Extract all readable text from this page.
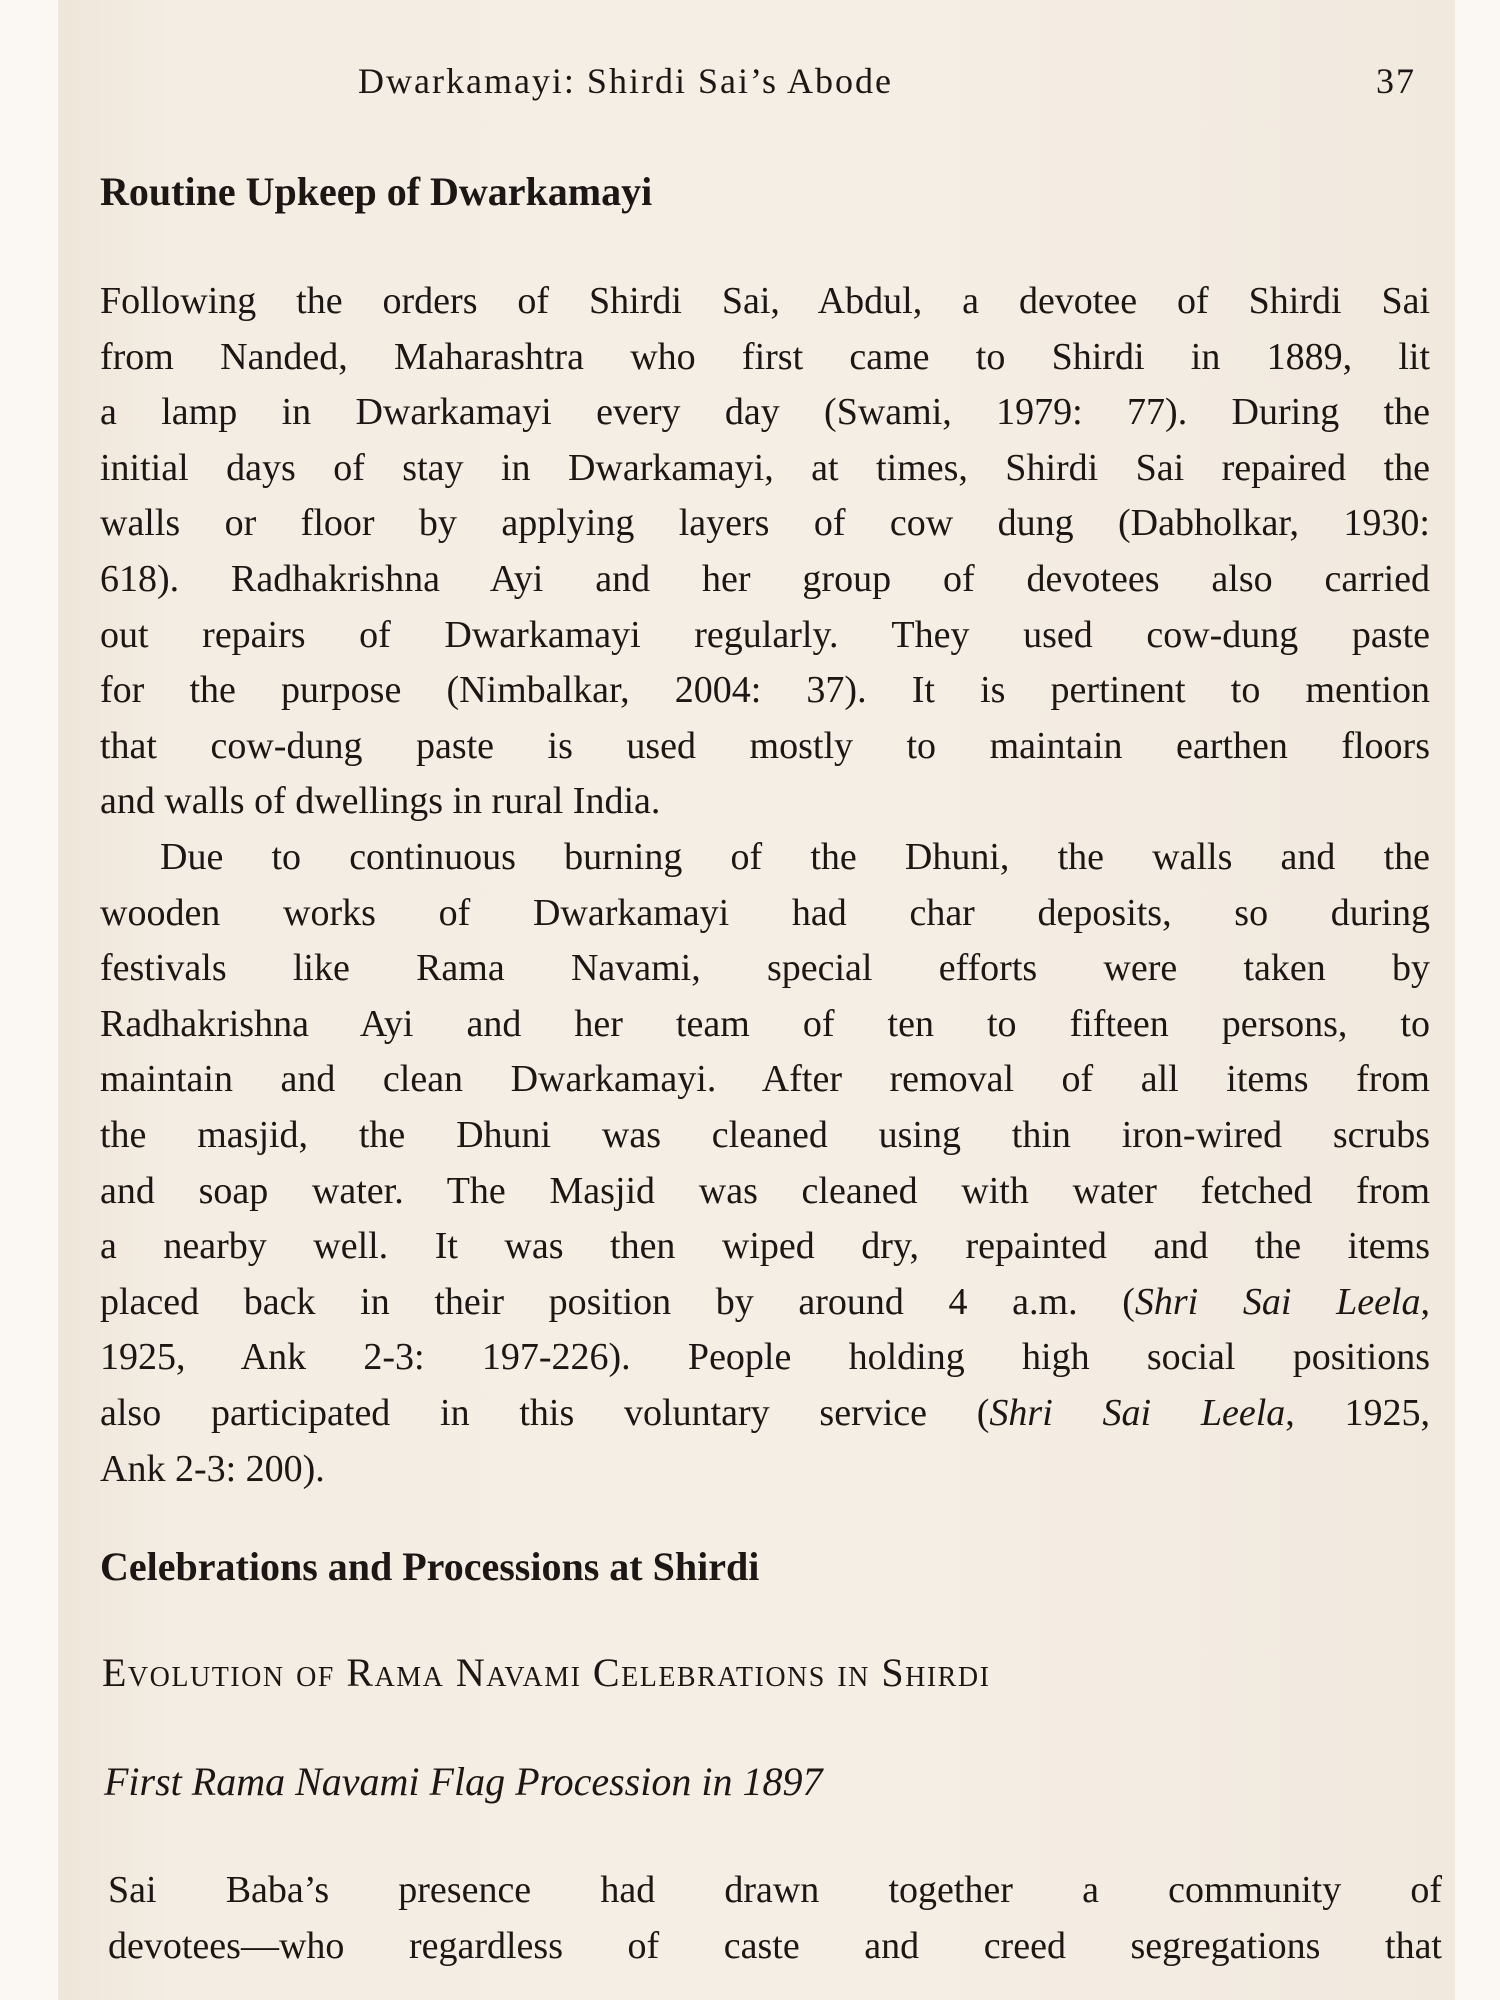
Dwarkamayi: Shirdi Sai’s Abode	37
Routine Upkeep of Dwarkamayi
Following the orders of Shirdi Sai, Abdul, a devotee of Shirdi Sai
from Nanded, Maharashtra who first came to Shirdi in 1889, lit
a lamp in Dwarkamayi every day (Swami, 1979: 77). During the
initial days of stay in Dwarkamayi, at times, Shirdi Sai repaired the
walls or floor by applying layers of cow dung (Dabholkar, 1930:
618). Radhakrishna Ayi and her group of devotees also carried
out repairs of Dwarkamayi regularly. They used cow-dung paste
for the purpose (Nimbalkar, 2004: 37). It is pertinent to mention
that cow-dung paste is used mostly to maintain earthen floors
and walls of dwellings in rural India.
Due to continuous burning of the Dhuni, the walls and the
wooden works of Dwarkamayi had char deposits, so during
festivals like Rama Navami, special efforts were taken by
Radhakrishna Ayi and her team of ten to fifteen persons, to
maintain and clean Dwarkamayi. After removal of all items from
the masjid, the Dhuni was cleaned using thin iron-wired scrubs
and soap water. The Masjid was cleaned with water fetched from
a nearby well. It was then wiped dry, repainted and the items
placed back in their position by around 4 a.m. (Shri Sai Leela,
1925, Ank 2-3: 197-226). People holding high social positions
also participated in this voluntary service (Shri Sai Leela, 1925,
Ank 2-3: 200).
Celebrations and Processions at Shirdi
Evolution of Rama Navami Celebrations in Shirdi
First Rama Navami Flag Procession in 1897
Sai Baba’s presence had drawn together a community of
devotees—who regardless of caste and creed segregations that
